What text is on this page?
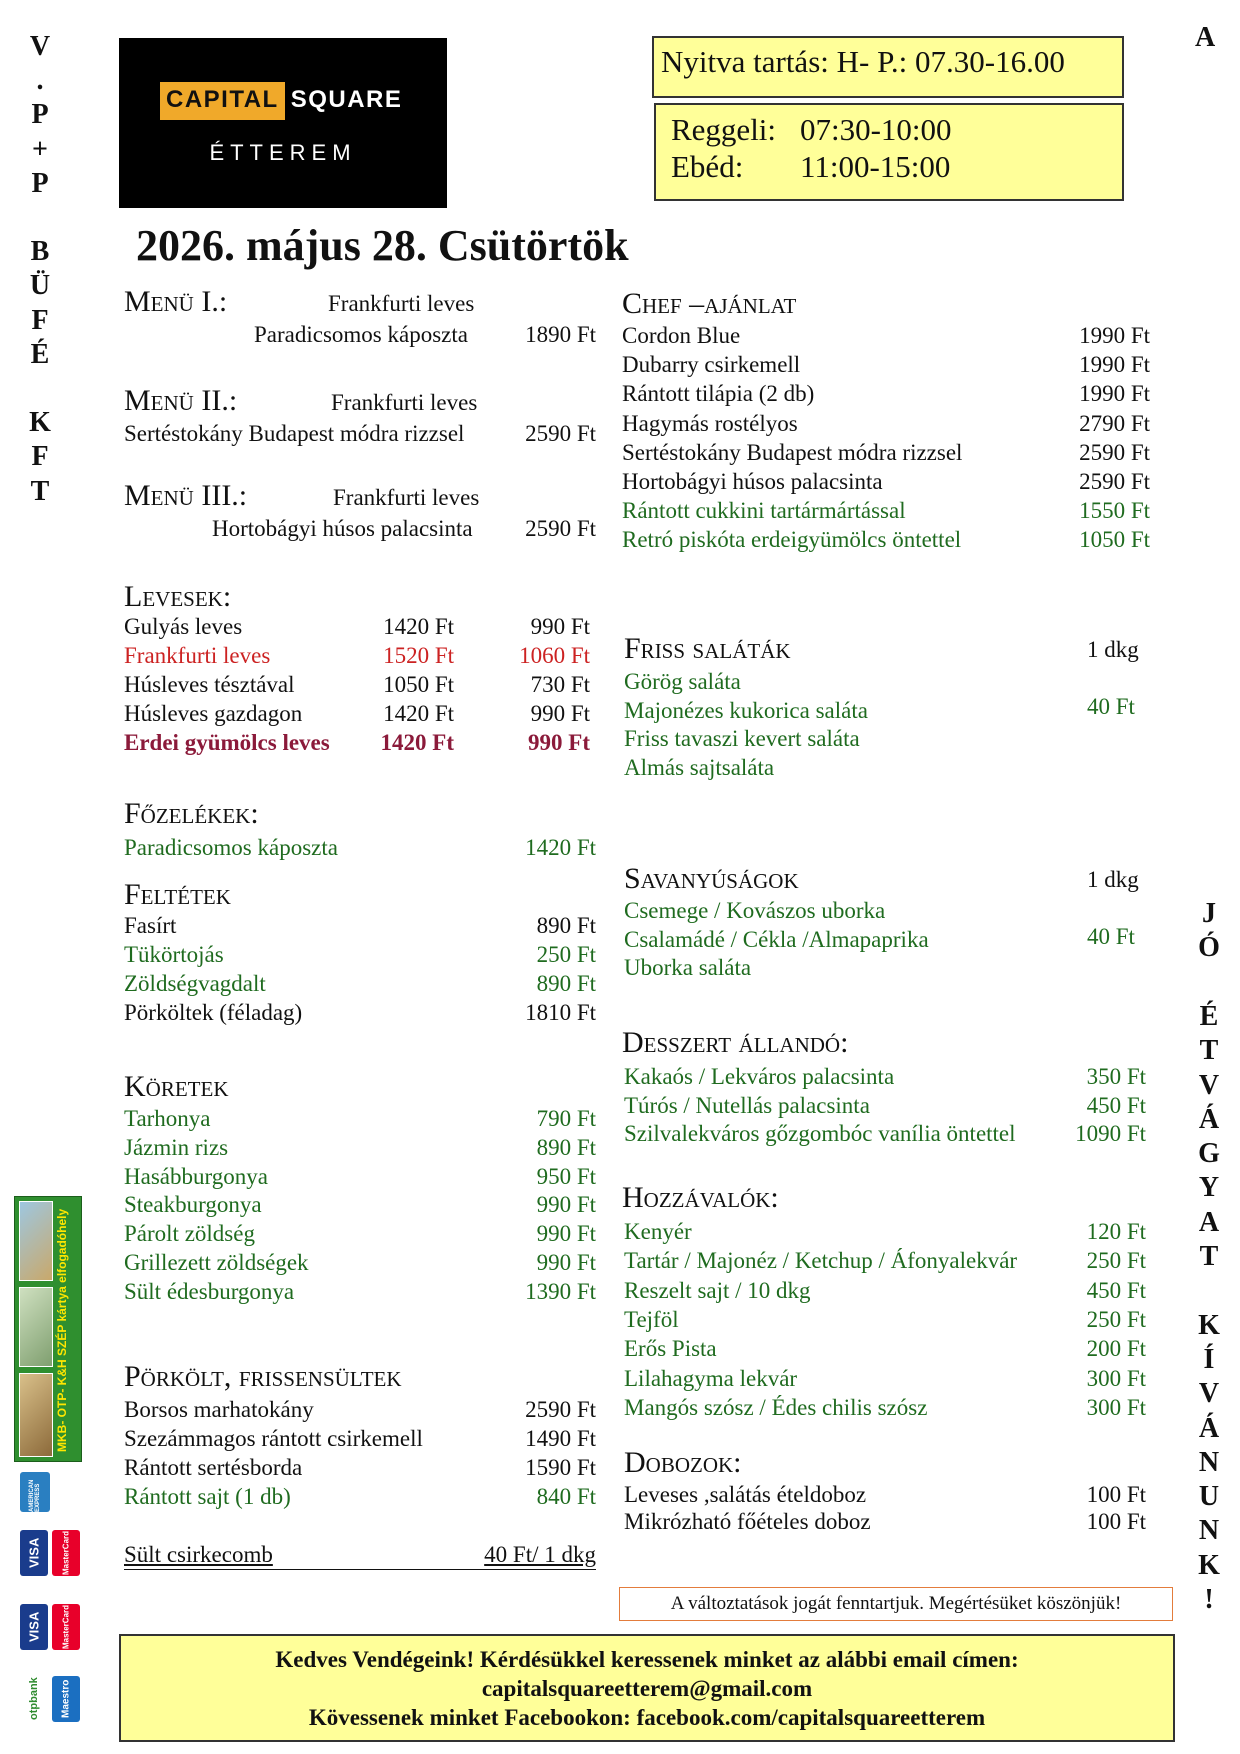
V
.
P
+
P
B
Ü
F
É
K
F
T
A
J
Ó
É
T
V
Á
G
Y
A
T
K
Í
V
Á
N
U
N
K
!
CAPITAL SQUARE
ÉTTEREM
Nyitva tartás: H- P.: 07.30-16.00
Reggeli: 07:30-10:00
Ebéd: 11:00-15:00
2026. május 28. Csütörtök
Menü I.:	Frankfurti leves
Paradicsomos káposzta	1890 Ft
Menü II.:	Frankfurti leves
Sertéstokány Budapest módra rizzsel	2590 Ft
Menü III.:	Frankfurti leves
Hortobágyi húsos palacsinta	2590 Ft
Levesek:
Gulyás leves	1420 Ft	990 Ft
Frankfurti leves	1520 Ft	1060 Ft
Húsleves tésztával	1050 Ft	730 Ft
Húsleves gazdagon	1420 Ft	990 Ft
Erdei gyümölcs leves	1420 Ft	990 Ft
Főzelékek:
Paradicsomos káposzta	1420 Ft
Feltétek
Fasírt	890 Ft
Tükörtojás	250 Ft
Zöldségvagdalt	890 Ft
Pörköltek (féladag)	1810 Ft
Köretek
Tarhonya	790 Ft
Jázmin rizs	890 Ft
Hasábburgonya	950 Ft
Steakburgonya	990 Ft
Párolt zöldség	990 Ft
Grillezett zöldségek	990 Ft
Sült édesburgonya	1390 Ft
Pörkölt, frissensültek
Borsos marhatokány	2590 Ft
Szezámmagos rántott csirkemell	1490 Ft
Rántott sertésborda	1590 Ft
Rántott sajt (1 db)	840 Ft
Sült csirkecomb	40 Ft/ 1 dkg
Chef –ajánlat
Cordon Blue	1990 Ft
Dubarry csirkemell	1990 Ft
Rántott tilápia (2 db)	1990 Ft
Hagymás rostélyos	2790 Ft
Sertéstokány Budapest módra rizzsel	2590 Ft
Hortobágyi húsos palacsinta	2590 Ft
Rántott cukkini tartármártással	1550 Ft
Retró piskóta erdeigyümölcs öntettel	1050 Ft
Friss saláták	1 dkg
40 Ft
Görög saláta
Majonézes kukorica saláta
Friss tavaszi kevert saláta
Almás sajtsaláta
Savanyúságok	1 dkg
40 Ft
Csemege / Kovászos uborka
Csalamádé / Cékla /Almapaprika
Uborka saláta
Desszert állandó:
Kakaós / Lekváros palacsinta	350 Ft
Túrós / Nutellás palacsinta	450 Ft
Szilvalekváros gőzgombóc vanília öntettel	1090 Ft
Hozzávalók:
Kenyér	120 Ft
Tartár / Majonéz / Ketchup / Áfonyalekvár	250 Ft
Reszelt sajt / 10 dkg	450 Ft
Tejföl	250 Ft
Erős Pista	200 Ft
Lilahagyma lekvár	300 Ft
Mangós szósz / Édes chilis szósz	300 Ft
Dobozok:
Leveses ,salátás ételdoboz	100 Ft
Mikrózható főételes doboz	100 Ft
A változtatások jogát fenntartjuk. Megértésüket köszönjük!
Kedves Vendégeink! Kérdésükkel keressenek minket az alábbi email címen:
capitalsquareetterem@gmail.com
Kövessenek minket Facebookon: facebook.com/capitalsquareetterem
MKB- OTP- K&H SZÉP kártya elfogadóhely
AMERICAN EXPRESS
VISA	MasterCard
VISA	MasterCard
otpbank	Maestro
